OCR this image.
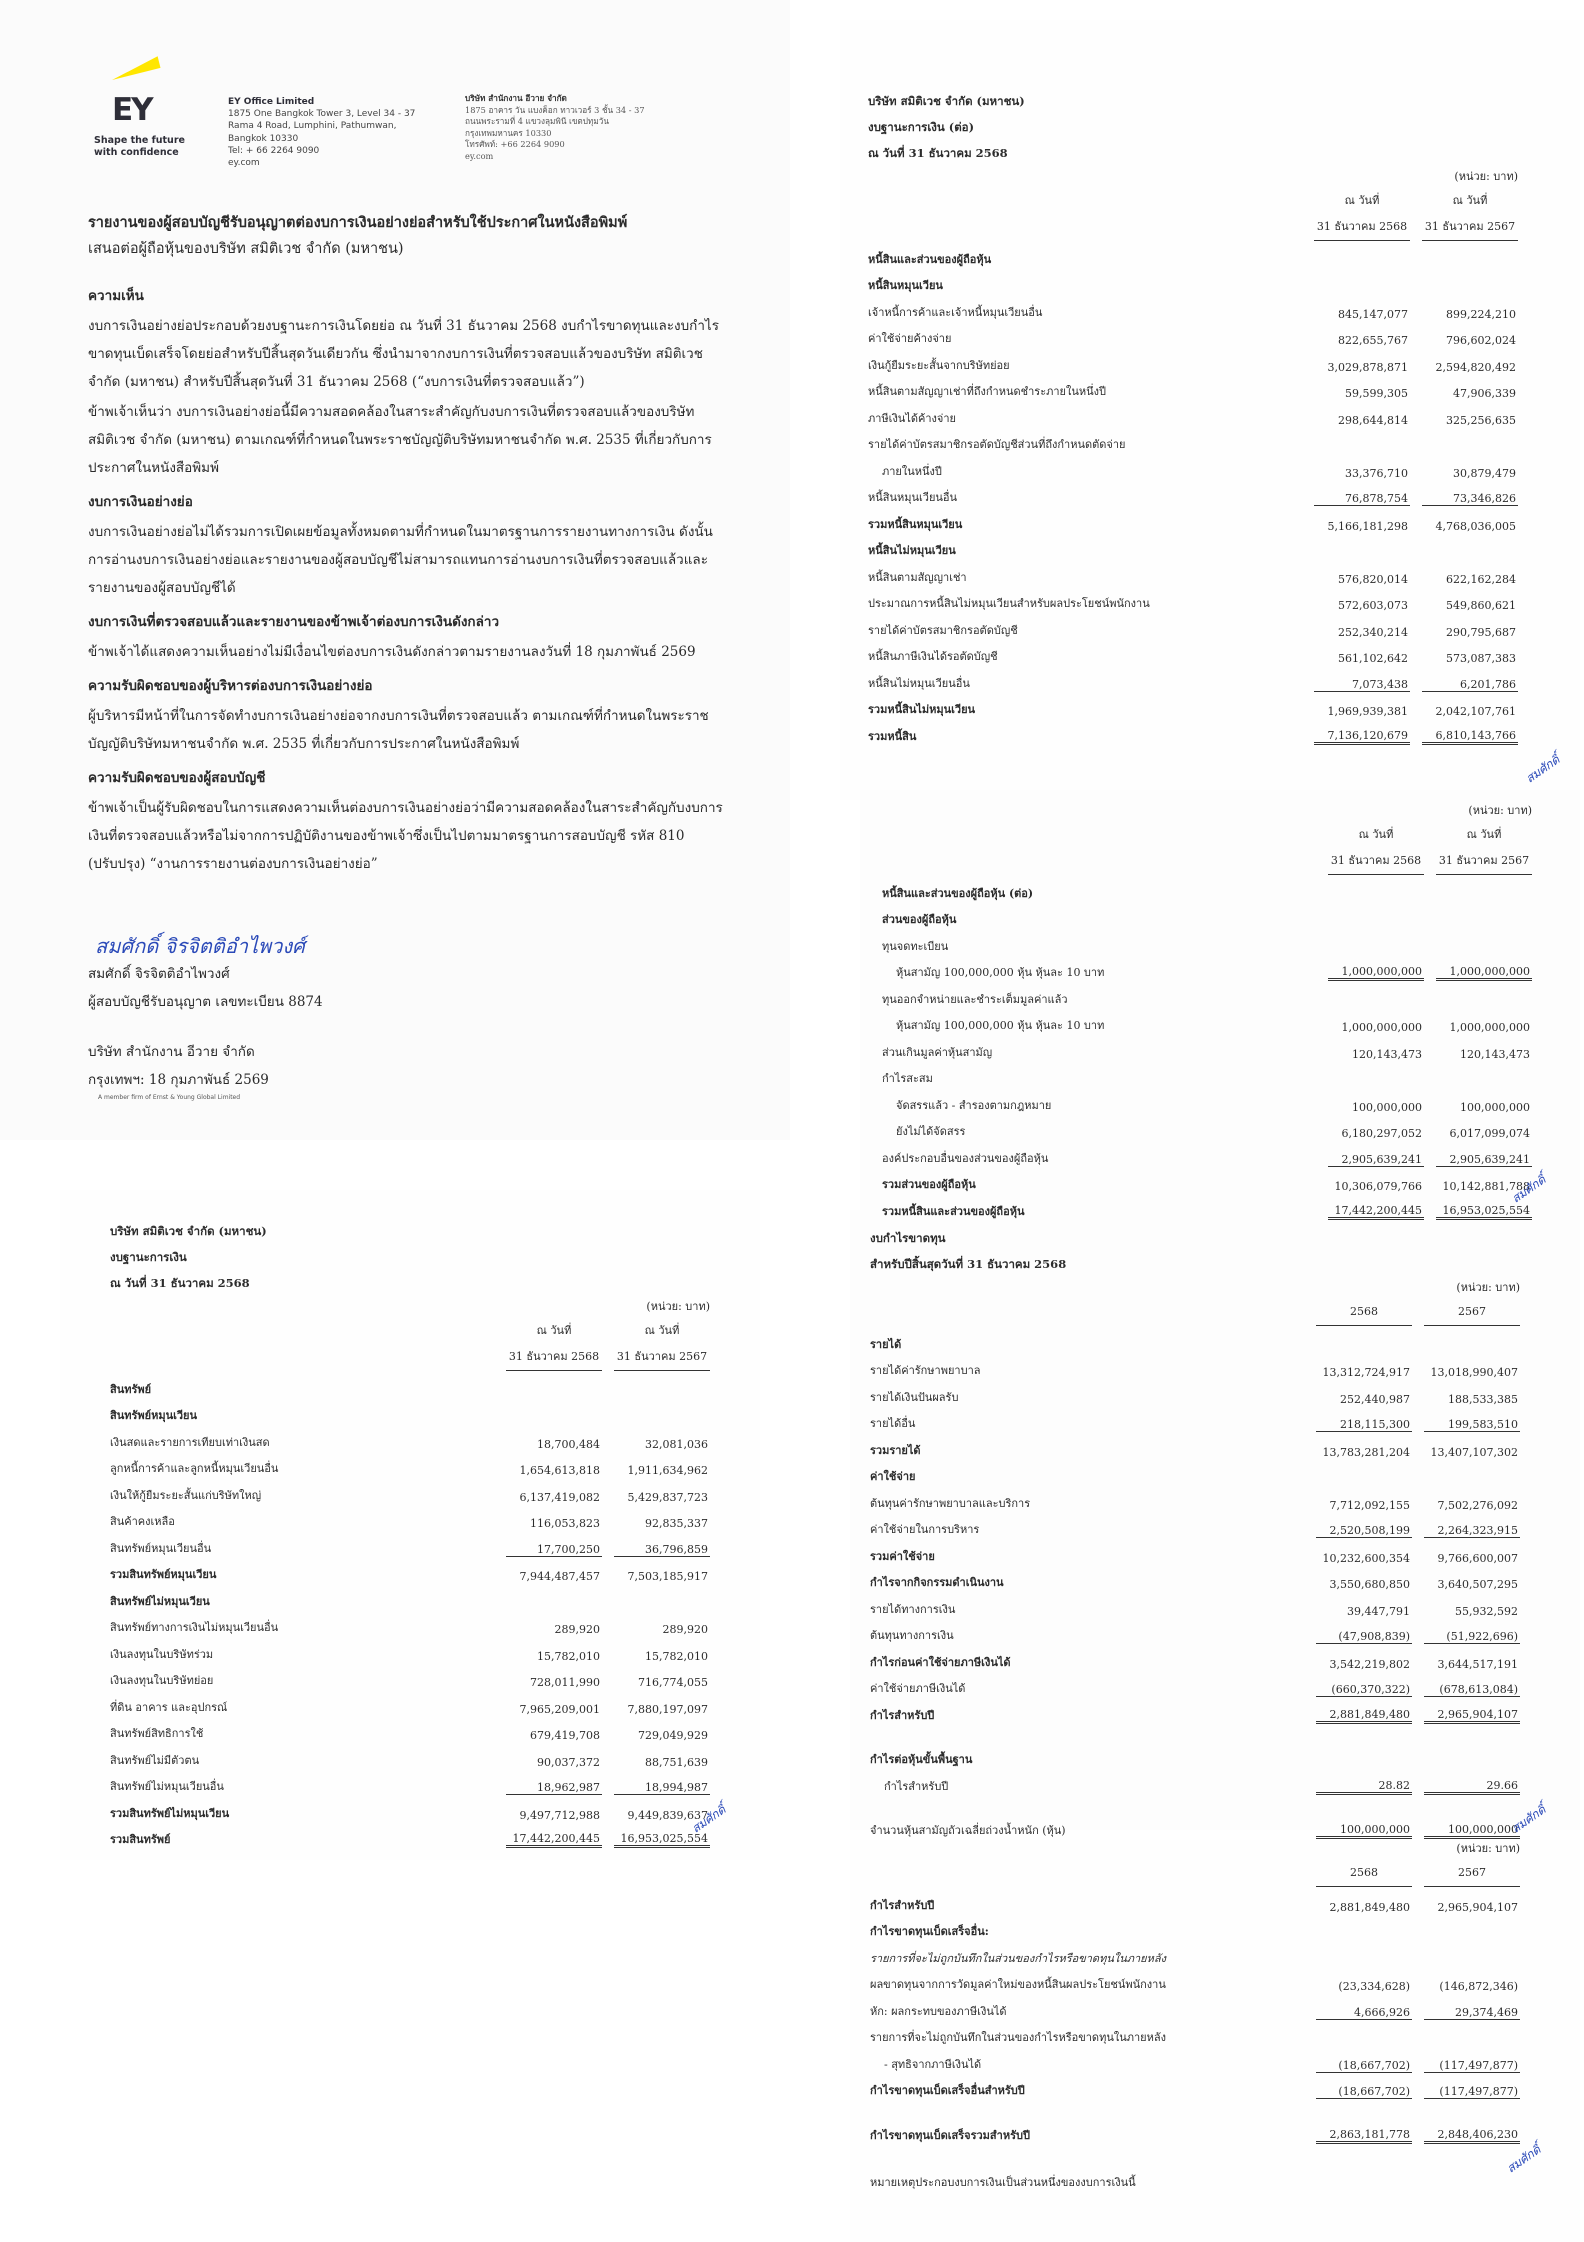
EY
Shape the future
with confidence
EY Office Limited
1875 One Bangkok Tower 3, Level 34 - 37
Rama 4 Road, Lumphini, Pathumwan,
Bangkok 10330
Tel: + 66 2264 9090
ey.com
บริษัท สำนักงาน อีวาย จำกัด
1875 อาคาร วัน แบงค็อก ทาวเวอร์ 3 ชั้น 34 - 37
ถนนพระรามที่ 4 แขวงลุมพินี เขตปทุมวัน
กรุงเทพมหานคร 10330
โทรศัพท์: +66 2264 9090
ey.com
รายงานของผู้สอบบัญชีรับอนุญาตต่องบการเงินอย่างย่อสำหรับใช้ประกาศในหนังสือพิมพ์
เสนอต่อผู้ถือหุ้นของบริษัท สมิติเวช จำกัด (มหาชน)
ความเห็น

งบการเงินอย่างย่อประกอบด้วยงบฐานะการเงินโดยย่อ ณ วันที่ 31 ธันวาคม 2568 งบกำไรขาดทุนและงบกำไรขาดทุนเบ็ดเสร็จโดยย่อสำหรับปีสิ้นสุดวันเดียวกัน ซึ่งนำมาจากงบการเงินที่ตรวจสอบแล้วของบริษัท สมิติเวช จำกัด (มหาชน) สำหรับปีสิ้นสุดวันที่ 31 ธันวาคม 2568 (“งบการเงินที่ตรวจสอบแล้ว”)

ข้าพเจ้าเห็นว่า งบการเงินอย่างย่อนี้มีความสอดคล้องในสาระสำคัญกับงบการเงินที่ตรวจสอบแล้วของบริษัท สมิติเวช จำกัด (มหาชน) ตามเกณฑ์ที่กำหนดในพระราชบัญญัติบริษัทมหาชนจำกัด พ.ศ. 2535 ที่เกี่ยวกับการประกาศในหนังสือพิมพ์

งบการเงินอย่างย่อ

งบการเงินอย่างย่อไม่ได้รวมการเปิดเผยข้อมูลทั้งหมดตามที่กำหนดในมาตรฐานการรายงานทางการเงิน ดังนั้น การอ่านงบการเงินอย่างย่อและรายงานของผู้สอบบัญชีไม่สามารถแทนการอ่านงบการเงินที่ตรวจสอบแล้วและรายงานของผู้สอบบัญชีได้

งบการเงินที่ตรวจสอบแล้วและรายงานของข้าพเจ้าต่องบการเงินดังกล่าว

ข้าพเจ้าได้แสดงความเห็นอย่างไม่มีเงื่อนไขต่องบการเงินดังกล่าวตามรายงานลงวันที่ 18 กุมภาพันธ์ 2569

ความรับผิดชอบของผู้บริหารต่องบการเงินอย่างย่อ

ผู้บริหารมีหน้าที่ในการจัดทำงบการเงินอย่างย่อจากงบการเงินที่ตรวจสอบแล้ว ตามเกณฑ์ที่กำหนดในพระราชบัญญัติบริษัทมหาชนจำกัด พ.ศ. 2535 ที่เกี่ยวกับการประกาศในหนังสือพิมพ์

ความรับผิดชอบของผู้สอบบัญชี

ข้าพเจ้าเป็นผู้รับผิดชอบในการแสดงความเห็นต่องบการเงินอย่างย่อว่ามีความสอดคล้องในสาระสำคัญกับงบการเงินที่ตรวจสอบแล้วหรือไม่จากการปฏิบัติงานของข้าพเจ้าซึ่งเป็นไปตามมาตรฐานการสอบบัญชี รหัส 810 (ปรับปรุง) “งานการรายงานต่องบการเงินอย่างย่อ”

สมศักดิ์ จิรจิตติอำไพวงศ์
สมศักดิ์ จิรจิตติอำไพวงศ์
ผู้สอบบัญชีรับอนุญาต เลขทะเบียน 8874
บริษัท สำนักงาน อีวาย จำกัด
กรุงเทพฯ: 18 กุมภาพันธ์ 2569
A member firm of Ernst & Young Global Limited
บริษัท สมิติเวช จำกัด (มหาชน)
งบฐานะการเงิน (ต่อ)
ณ วันที่ 31 ธันวาคม 2568
(หน่วย: บาท)
ณ วันที่	ณ วันที่
31 ธันวาคม 2568 31 ธันวาคม 2567
หนี้สินและส่วนของผู้ถือหุ้น
หนี้สินหมุนเวียน
เจ้าหนี้การค้าและเจ้าหนี้หมุนเวียนอื่น	845,147,077	899,224,210
ค่าใช้จ่ายค้างจ่าย	822,655,767	796,602,024
เงินกู้ยืมระยะสั้นจากบริษัทย่อย	3,029,878,871	2,594,820,492
หนี้สินตามสัญญาเช่าที่ถึงกำหนดชำระภายในหนึ่งปี	59,599,305	47,906,339
ภาษีเงินได้ค้างจ่าย	298,644,814	325,256,635
รายได้ค่าบัตรสมาชิกรอตัดบัญชีส่วนที่ถึงกำหนดตัดจ่าย
ภายในหนึ่งปี	33,376,710	30,879,479
หนี้สินหมุนเวียนอื่น	76,878,754	73,346,826
รวมหนี้สินหมุนเวียน	5,166,181,298	4,768,036,005
หนี้สินไม่หมุนเวียน
หนี้สินตามสัญญาเช่า	576,820,014	622,162,284
ประมาณการหนี้สินไม่หมุนเวียนสำหรับผลประโยชน์พนักงาน	572,603,073	549,860,621
รายได้ค่าบัตรสมาชิกรอตัดบัญชี	252,340,214	290,795,687
หนี้สินภาษีเงินได้รอตัดบัญชี	561,102,642	573,087,383
หนี้สินไม่หมุนเวียนอื่น	7,073,438	6,201,786
รวมหนี้สินไม่หมุนเวียน	1,969,939,381	2,042,107,761
รวมหนี้สิน	7,136,120,679	6,810,143,766
สมศักดิ์
(หน่วย: บาท)
ณ วันที่	ณ วันที่
31 ธันวาคม 2568 31 ธันวาคม 2567
หนี้สินและส่วนของผู้ถือหุ้น (ต่อ)
ส่วนของผู้ถือหุ้น
ทุนจดทะเบียน
หุ้นสามัญ 100,000,000 หุ้น หุ้นละ 10 บาท	1,000,000,000	1,000,000,000
ทุนออกจำหน่ายและชำระเต็มมูลค่าแล้ว
หุ้นสามัญ 100,000,000 หุ้น หุ้นละ 10 บาท	1,000,000,000	1,000,000,000
ส่วนเกินมูลค่าหุ้นสามัญ	120,143,473	120,143,473
กำไรสะสม
จัดสรรแล้ว - สำรองตามกฎหมาย	100,000,000	100,000,000
ยังไม่ได้จัดสรร	6,180,297,052	6,017,099,074
องค์ประกอบอื่นของส่วนของผู้ถือหุ้น	2,905,639,241	2,905,639,241
รวมส่วนของผู้ถือหุ้น	10,306,079,766	10,142,881,788
รวมหนี้สินและส่วนของผู้ถือหุ้น	17,442,200,445	16,953,025,554
สมศักดิ์
บริษัท สมิติเวช จำกัด (มหาชน)
งบฐานะการเงิน
ณ วันที่ 31 ธันวาคม 2568
(หน่วย: บาท)
ณ วันที่	ณ วันที่
31 ธันวาคม 2568 31 ธันวาคม 2567
สินทรัพย์
สินทรัพย์หมุนเวียน
เงินสดและรายการเทียบเท่าเงินสด	18,700,484	32,081,036
ลูกหนี้การค้าและลูกหนี้หมุนเวียนอื่น	1,654,613,818	1,911,634,962
เงินให้กู้ยืมระยะสั้นแก่บริษัทใหญ่	6,137,419,082	5,429,837,723
สินค้าคงเหลือ	116,053,823	92,835,337
สินทรัพย์หมุนเวียนอื่น	17,700,250	36,796,859
รวมสินทรัพย์หมุนเวียน	7,944,487,457	7,503,185,917
สินทรัพย์ไม่หมุนเวียน
สินทรัพย์ทางการเงินไม่หมุนเวียนอื่น	289,920	289,920
เงินลงทุนในบริษัทร่วม	15,782,010	15,782,010
เงินลงทุนในบริษัทย่อย	728,011,990	716,774,055
ที่ดิน อาคาร และอุปกรณ์	7,965,209,001	7,880,197,097
สินทรัพย์สิทธิการใช้	679,419,708	729,049,929
สินทรัพย์ไม่มีตัวตน	90,037,372	88,751,639
สินทรัพย์ไม่หมุนเวียนอื่น	18,962,987	18,994,987
รวมสินทรัพย์ไม่หมุนเวียน	9,497,712,988	9,449,839,637
รวมสินทรัพย์	17,442,200,445	16,953,025,554
สมศักดิ์
งบกำไรขาดทุน
สำหรับปีสิ้นสุดวันที่ 31 ธันวาคม 2568
(หน่วย: บาท)
2568	2567
รายได้
รายได้ค่ารักษาพยาบาล	13,312,724,917	13,018,990,407
รายได้เงินปันผลรับ	252,440,987	188,533,385
รายได้อื่น	218,115,300	199,583,510
รวมรายได้	13,783,281,204	13,407,107,302
ค่าใช้จ่าย
ต้นทุนค่ารักษาพยาบาลและบริการ	7,712,092,155	7,502,276,092
ค่าใช้จ่ายในการบริหาร	2,520,508,199	2,264,323,915
รวมค่าใช้จ่าย	10,232,600,354	9,766,600,007
กำไรจากกิจกรรมดำเนินงาน	3,550,680,850	3,640,507,295
รายได้ทางการเงิน	39,447,791	55,932,592
ต้นทุนทางการเงิน	(47,908,839)	(51,922,696)
กำไรก่อนค่าใช้จ่ายภาษีเงินได้	3,542,219,802	3,644,517,191
ค่าใช้จ่ายภาษีเงินได้	(660,370,322)	(678,613,084)
กำไรสำหรับปี	2,881,849,480	2,965,904,107
กำไรต่อหุ้นขั้นพื้นฐาน
กำไรสำหรับปี	28.82	29.66
จำนวนหุ้นสามัญถัวเฉลี่ยถ่วงน้ำหนัก (หุ้น)	100,000,000	100,000,000
สมศักดิ์
(หน่วย: บาท)
2568	2567
กำไรสำหรับปี	2,881,849,480	2,965,904,107
กำไรขาดทุนเบ็ดเสร็จอื่น:
รายการที่จะไม่ถูกบันทึกในส่วนของกำไรหรือขาดทุนในภายหลัง
ผลขาดทุนจากการวัดมูลค่าใหม่ของหนี้สินผลประโยชน์พนักงาน	(23,334,628)	(146,872,346)
หัก: ผลกระทบของภาษีเงินได้	4,666,926	29,374,469
รายการที่จะไม่ถูกบันทึกในส่วนของกำไรหรือขาดทุนในภายหลัง
- สุทธิจากภาษีเงินได้	(18,667,702)	(117,497,877)
กำไรขาดทุนเบ็ดเสร็จอื่นสำหรับปี	(18,667,702)	(117,497,877)
กำไรขาดทุนเบ็ดเสร็จรวมสำหรับปี	2,863,181,778	2,848,406,230
หมายเหตุประกอบงบการเงินเป็นส่วนหนึ่งของงบการเงินนี้
สมศักดิ์
